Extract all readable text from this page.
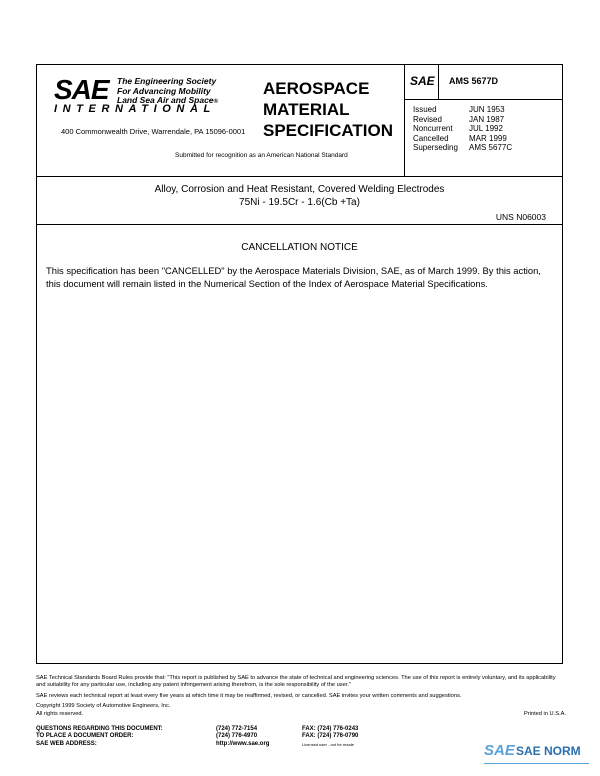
SAE The Engineering Society
For Advancing Mobility
Land Sea Air and Space®
INTERNATIONAL
400 Commonwealth Drive, Warrendale, PA 15096-0001
AEROSPACE
MATERIAL
SPECIFICATION
Submitted for recognition as an American National Standard
SAE AMS 5677D
Issued	JUN 1953
Revised	JAN 1987
Noncurrent	JUL 1992
Cancelled	MAR 1999
Superseding	AMS 5677C
Alloy, Corrosion and Heat Resistant, Covered Welding Electrodes
75Ni - 19.5Cr - 1.6(Cb +Ta)
UNS N06003
CANCELLATION NOTICE
This specification has been "CANCELLED" by the Aerospace Materials Division, SAE, as of March 1999. By this action, this document will remain listed in the Numerical Section of the Index of Aerospace Material Specifications.

SAE Technical Standards Board Rules provide that: "This report is published by SAE to advance the state of technical and engineering sciences. The use of this report is entirely voluntary, and its applicability and suitability for any particular use, including any patent infringement arising therefrom, is the sole responsibility of the user."

SAE reviews each technical report at least every five years at which time it may be reaffirmed, revised, or cancelled. SAE invites your written comments and suggestions.

Copyright 1999 Society of Automotive Engineers, Inc.

All rights reserved.	Printed in U.S.A.

QUESTIONS REGARDING THIS DOCUMENT:	(724) 772-7154	FAX: (724) 776-0243
TO PLACE A DOCUMENT ORDER:	(724) 776-4970	FAX: (724) 776-0790
SAE WEB ADDRESS:	http://www.sae.org	Licensed user - not for resale	SAE SAE NORM
